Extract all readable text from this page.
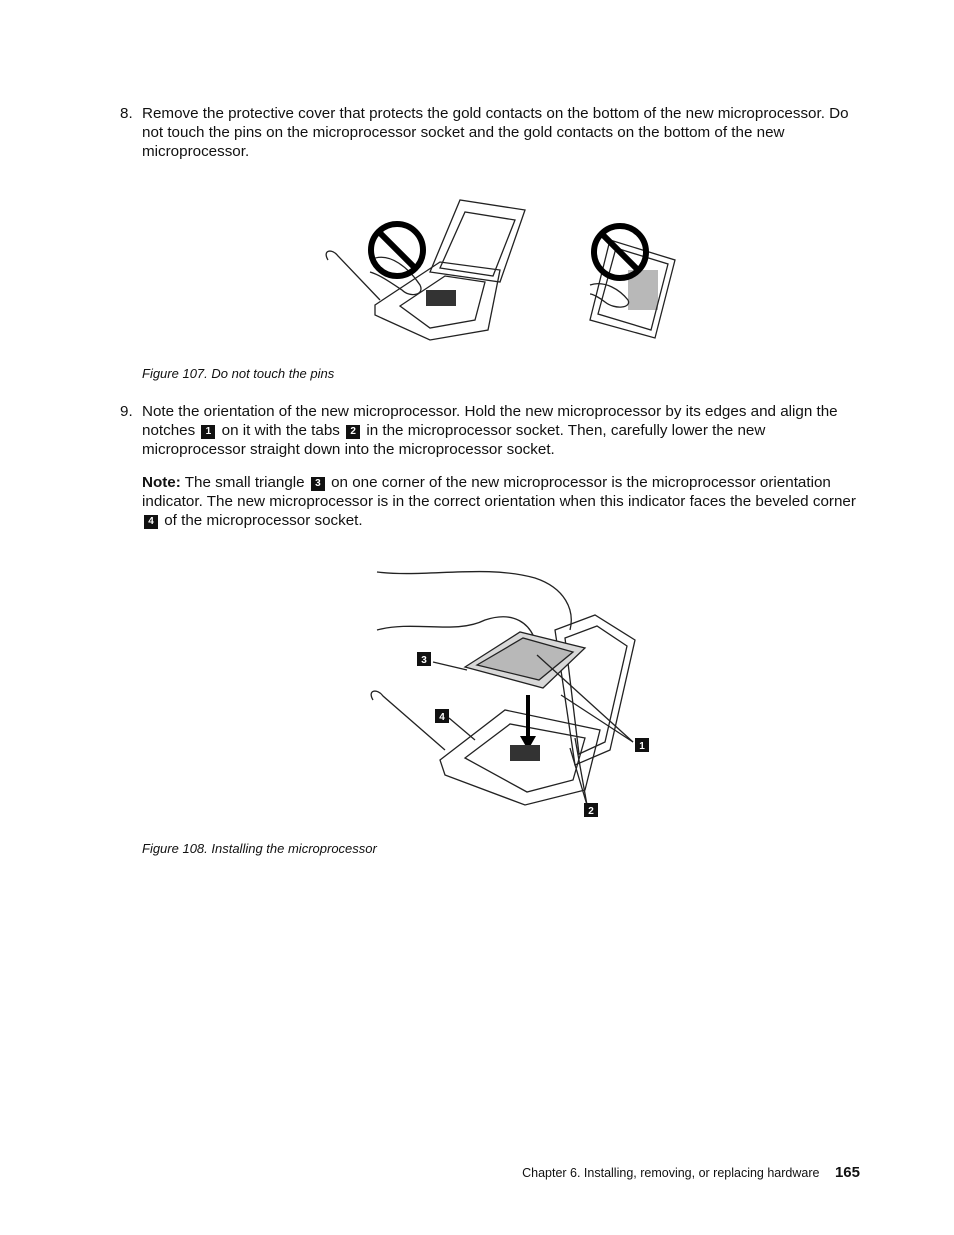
8. Remove the protective cover that protects the gold contacts on the bottom of the new microprocessor. Do not touch the pins on the microprocessor socket and the gold contacts on the bottom of the new microprocessor.
Figure 107. Do not touch the pins
9. Note the orientation of the new microprocessor. Hold the new microprocessor by its edges and align the notches 1 on it with the tabs 2 in the microprocessor socket. Then, carefully lower the new microprocessor straight down into the microprocessor socket.
Note: The small triangle 3 on one corner of the new microprocessor is the microprocessor orientation indicator. The new microprocessor is in the correct orientation when this indicator faces the beveled corner 4 of the microprocessor socket.
3
4
1
2
Figure 108. Installing the microprocessor
Chapter 6. Installing, removing, or replacing hardware 165
